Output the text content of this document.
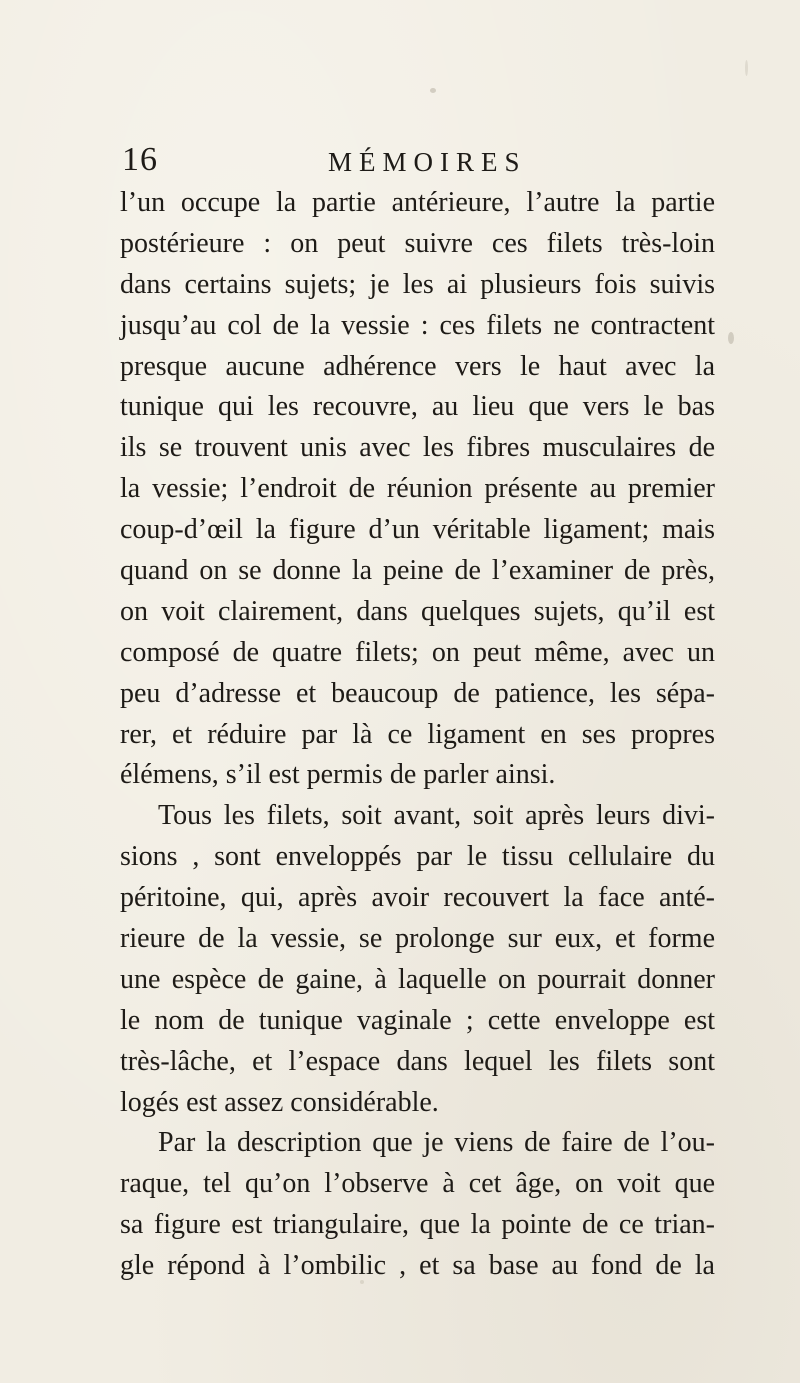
16	MÉMOIRES
l’un occupe la partie antérieure, l’autre la partie
postérieure : on peut suivre ces filets très-loin
dans certains sujets; je les ai plusieurs fois suivis
jusqu’au col de la vessie : ces filets ne contractent
presque aucune adhérence vers le haut avec la
tunique qui les recouvre, au lieu que vers le bas
ils se trouvent unis avec les fibres musculaires de
la vessie; l’endroit de réunion présente au premier
coup-d’œil la figure d’un véritable ligament; mais
quand on se donne la peine de l’examiner de près,
on voit clairement, dans quelques sujets, qu’il est
composé de quatre filets; on peut même, avec un
peu d’adresse et beaucoup de patience, les sépa-
rer, et réduire par là ce ligament en ses propres
élémens, s’il est permis de parler ainsi.
Tous les filets, soit avant, soit après leurs divi-
sions , sont enveloppés par le tissu cellulaire du
péritoine, qui, après avoir recouvert la face anté-
rieure de la vessie, se prolonge sur eux, et forme
une espèce de gaine, à laquelle on pourrait donner
le nom de tunique vaginale ; cette enveloppe est
très-lâche, et l’espace dans lequel les filets sont
logés est assez considérable.
Par la description que je viens de faire de l’ou-
raque, tel qu’on l’observe à cet âge, on voit que
sa figure est triangulaire, que la pointe de ce trian-
gle répond à l’ombilic , et sa base au fond de la
